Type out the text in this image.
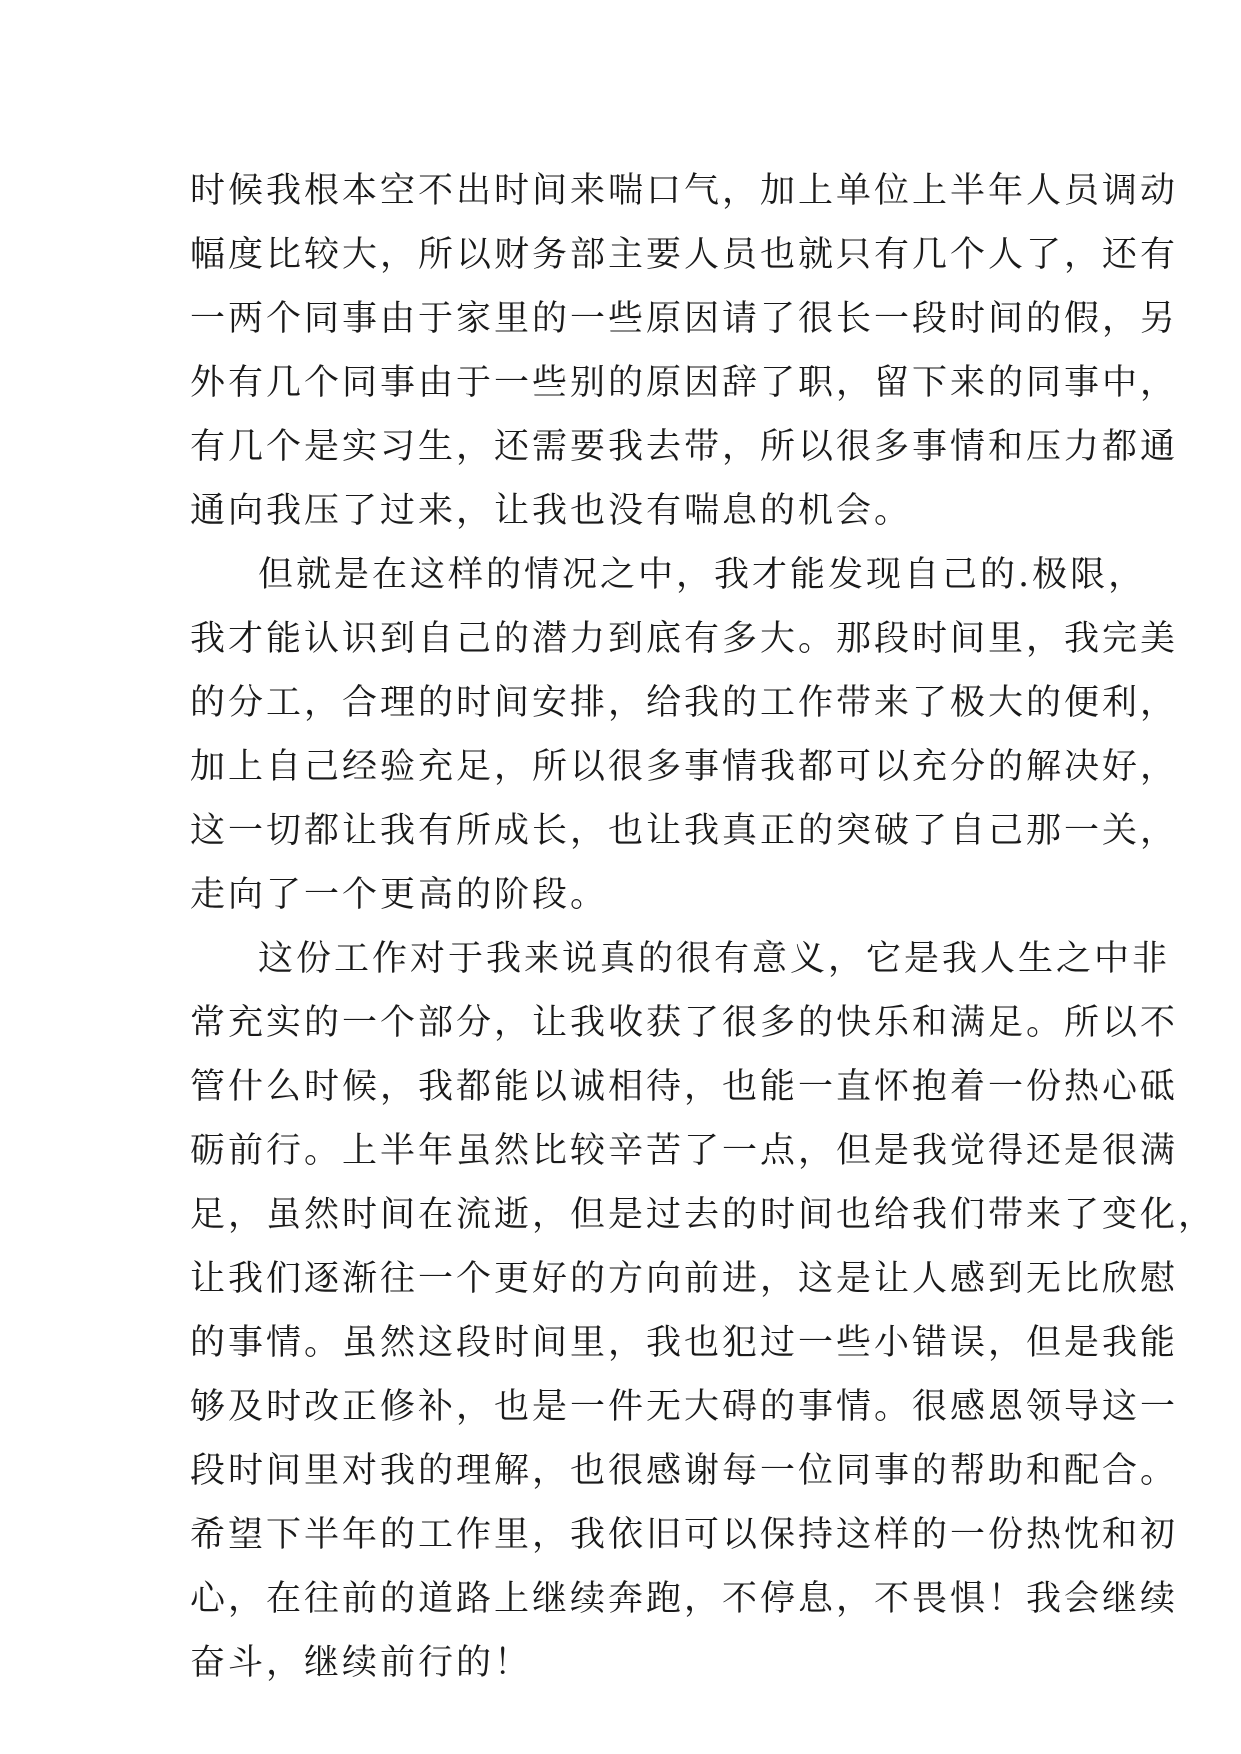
时候我根本空不出时间来喘口气，加上单位上半年人员调动
幅度比较大，所以财务部主要人员也就只有几个人了，还有
一两个同事由于家里的一些原因请了很长一段时间的假，另
外有几个同事由于一些别的原因辞了职，留下来的同事中，
有几个是实习生，还需要我去带，所以很多事情和压力都通
通向我压了过来，让我也没有喘息的机会。
但就是在这样的情况之中，我才能发现自己的.极限，
我才能认识到自己的潜力到底有多大。那段时间里，我完美
的分工，合理的时间安排，给我的工作带来了极大的便利，
加上自己经验充足，所以很多事情我都可以充分的解决好，
这一切都让我有所成长，也让我真正的突破了自己那一关，
走向了一个更高的阶段。
这份工作对于我来说真的很有意义，它是我人生之中非
常充实的一个部分，让我收获了很多的快乐和满足。所以不
管什么时候，我都能以诚相待，也能一直怀抱着一份热心砥
砺前行。上半年虽然比较辛苦了一点，但是我觉得还是很满
足，虽然时间在流逝，但是过去的时间也给我们带来了变化，
让我们逐渐往一个更好的方向前进，这是让人感到无比欣慰
的事情。虽然这段时间里，我也犯过一些小错误，但是我能
够及时改正修补，也是一件无大碍的事情。很感恩领导这一
段时间里对我的理解，也很感谢每一位同事的帮助和配合。
希望下半年的工作里，我依旧可以保持这样的一份热忱和初
心，在往前的道路上继续奔跑，不停息，不畏惧！我会继续
奋斗，继续前行的！
